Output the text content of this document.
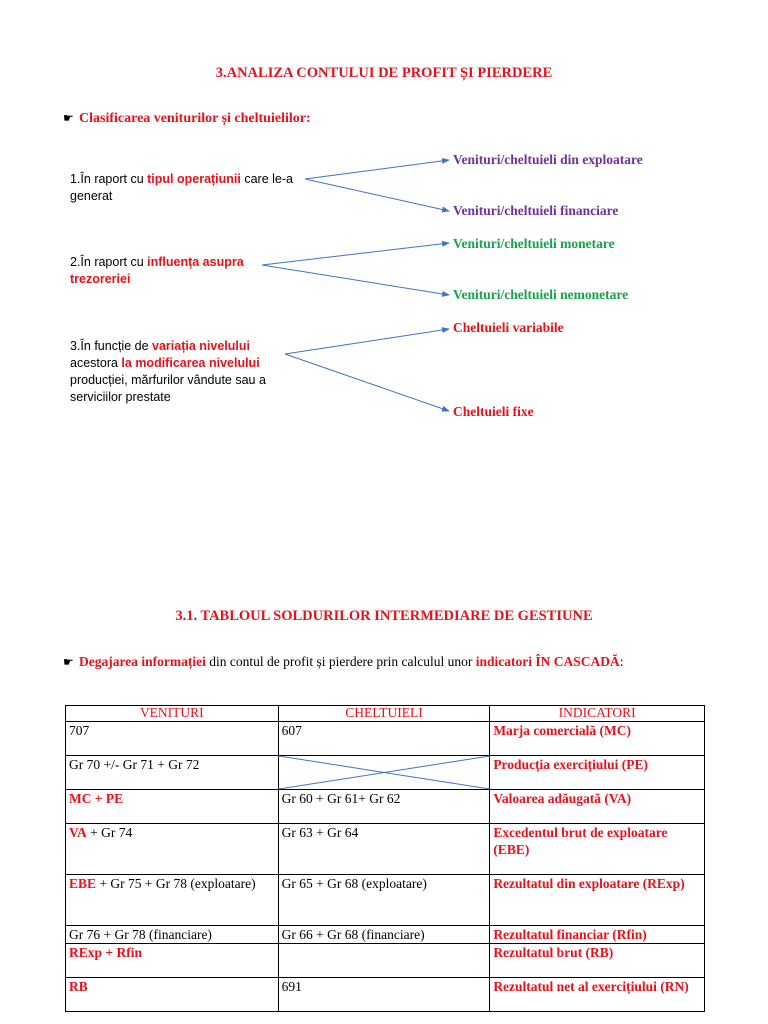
3.ANALIZA CONTULUI DE PROFIT ȘI PIERDERE
☛ Clasificarea veniturilor și cheltuielilor:
1.În raport cu tipul operațiunii care le-a
generat
Venituri/cheltuieli din exploatare
Venituri/cheltuieli financiare
2.În raport cu influența asupra
trezoreriei
Venituri/cheltuieli monetare
Venituri/cheltuieli nemonetare
3.În funcție de variația nivelului
acestora la modificarea nivelului
producției, mărfurilor vândute sau a
serviciilor prestate
Cheltuieli variabile
Cheltuieli fixe
3.1. TABLOUL SOLDURILOR INTERMEDIARE DE GESTIUNE
☛ Degajarea informației din contul de profit și pierdere prin calculul unor indicatori ÎN CASCADĂ:
VENITURI	CHELTUIELI	INDICATORI
707	607	Marja comercială (MC)
Gr 70 +/- Gr 71 + Gr 72		Producția exercițiului (PE)
MC + PE	Gr 60 + Gr 61+ Gr 62	Valoarea adăugată (VA)
VA + Gr 74	Gr 63 + Gr 64	Excedentul brut de exploatare (EBE)
EBE + Gr 75 + Gr 78 (exploatare)	Gr 65 + Gr 68 (exploatare)	Rezultatul din exploatare (RExp)
Gr 76 + Gr 78 (financiare)	Gr 66 + Gr 68 (financiare)	Rezultatul financiar (Rfin)
RExp + Rfin		Rezultatul brut (RB)
RB	691	Rezultatul net al exercițiului (RN)
